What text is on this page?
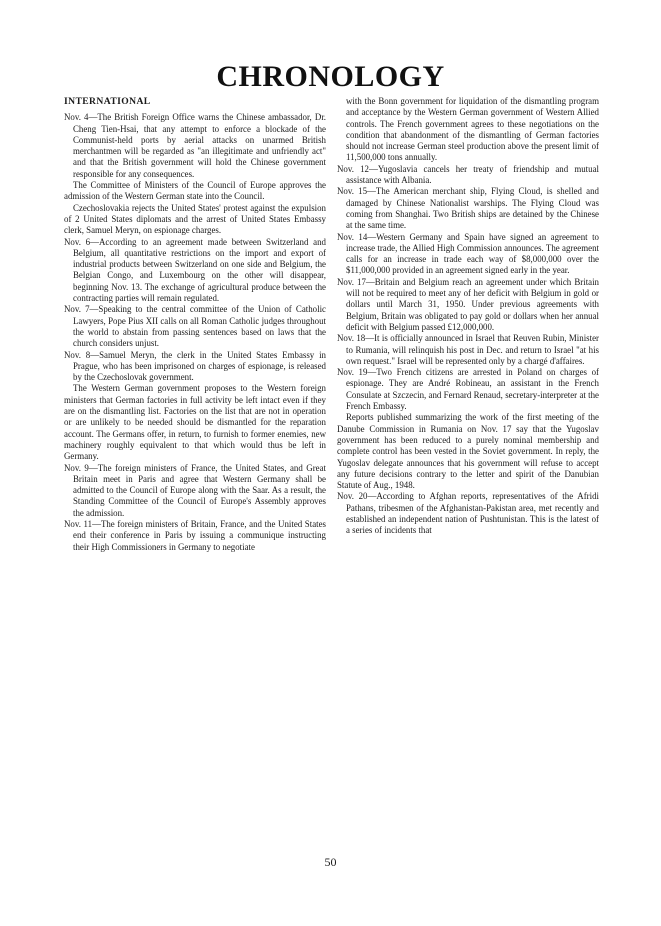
CHRONOLOGY
INTERNATIONAL

Nov. 4—The British Foreign Office warns the Chinese ambassador, Dr. Cheng Tien-Hsai, that any attempt to enforce a blockade of the Communist-held ports by aerial attacks on unarmed British merchantmen will be regarded as "an illegitimate and unfriendly act" and that the British government will hold the Chinese government responsible for any consequences.

The Committee of Ministers of the Council of Europe approves the admission of the Western German state into the Council.

Czechoslovakia rejects the United States' protest against the expulsion of 2 United States diplomats and the arrest of United States Embassy clerk, Samuel Meryn, on espionage charges.

Nov. 6—According to an agreement made between Switzerland and Belgium, all quantitative restrictions on the import and export of industrial products between Switzerland on one side and Belgium, the Belgian Congo, and Luxembourg on the other will disappear, beginning Nov. 13. The exchange of agricultural produce between the contracting parties will remain regulated.

Nov. 7—Speaking to the central committee of the Union of Catholic Lawyers, Pope Pius XII calls on all Roman Catholic judges throughout the world to abstain from passing sentences based on laws that the church considers unjust.

Nov. 8—Samuel Meryn, the clerk in the United States Embassy in Prague, who has been imprisoned on charges of espionage, is released by the Czechoslovak government.

The Western German government proposes to the Western foreign ministers that German factories in full activity be left intact even if they are on the dismantling list. Factories on the list that are not in operation or are unlikely to be needed should be dismantled for the reparation account. The Germans offer, in return, to furnish to former enemies, new machinery roughly equivalent to that which would thus be left in Germany.

Nov. 9—The foreign ministers of France, the United States, and Great Britain meet in Paris and agree that Western Germany shall be admitted to the Council of Europe along with the Saar. As a result, the Standing Committee of the Council of Europe's Assembly approves the admission.

Nov. 11—The foreign ministers of Britain, France, and the United States end their conference in Paris by issuing a communique instructing their High Commissioners in Germany to negotiate

with the Bonn government for liquidation of the dismantling program and acceptance by the Western German government of Western Allied controls. The French government agrees to these negotiations on the condition that abandonment of the dismantling of German factories should not increase German steel production above the present limit of 11,500,000 tons annually.

Nov. 12—Yugoslavia cancels her treaty of friendship and mutual assistance with Albania.

Nov. 15—The American merchant ship, Flying Cloud, is shelled and damaged by Chinese Nationalist warships. The Flying Cloud was coming from Shanghai. Two British ships are detained by the Chinese at the same time.

Nov. 14—Western Germany and Spain have signed an agreement to increase trade, the Allied High Commission announces. The agreement calls for an increase in trade each way of $8,000,000 over the $11,000,000 provided in an agreement signed early in the year.

Nov. 17—Britain and Belgium reach an agreement under which Britain will not be required to meet any of her deficit with Belgium in gold or dollars until March 31, 1950. Under previous agreements with Belgium, Britain was obligated to pay gold or dollars when her annual deficit with Belgium passed £12,000,000.

Nov. 18—It is officially announced in Israel that Reuven Rubin, Minister to Rumania, will relinquish his post in Dec. and return to Israel "at his own request." Israel will be represented only by a chargé d'affaires.

Nov. 19—Two French citizens are arrested in Poland on charges of espionage. They are André Robineau, an assistant in the French Consulate at Szczecin, and Fernard Renaud, secretary-interpreter at the French Embassy.

Reports published summarizing the work of the first meeting of the Danube Commission in Rumania on Nov. 17 say that the Yugoslav government has been reduced to a purely nominal membership and complete control has been vested in the Soviet government. In reply, the Yugoslav delegate announces that his government will refuse to accept any future decisions contrary to the letter and spirit of the Danubian Statute of Aug., 1948.

Nov. 20—According to Afghan reports, representatives of the Afridi Pathans, tribesmen of the Afghanistan-Pakistan area, met recently and established an independent nation of Pushtunistan. This is the latest of a series of incidents that

50
